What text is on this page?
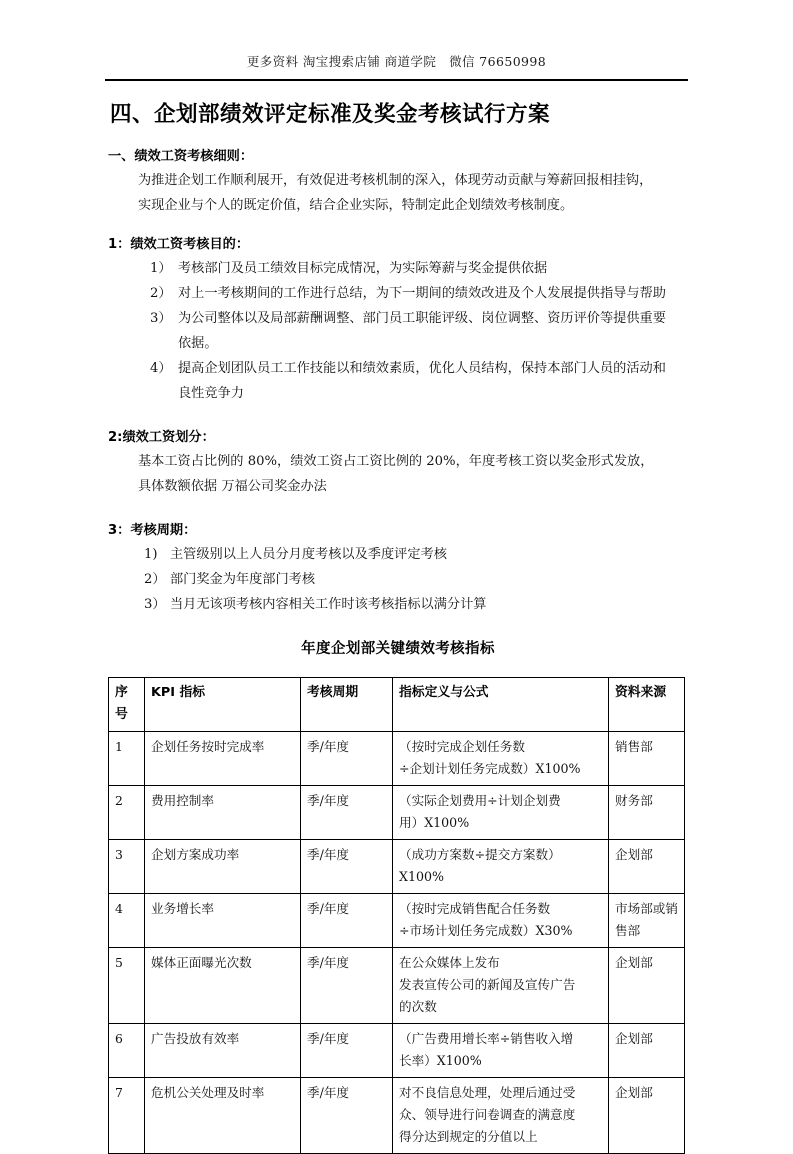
更多资料 淘宝搜索店铺 商道学院　微信 76650998
四、企划部绩效评定标准及奖金考核试行方案
一、绩效工资考核细则：
为推进企划工作顺利展开，有效促进考核机制的深入，体现劳动贡献与筹薪回报相挂钩，
实现企业与个人的既定价值，结合企业实际，特制定此企划绩效考核制度。
1：绩效工资考核目的：
1） 考核部门及员工绩效目标完成情况，为实际筹薪与奖金提供依据
2） 对上一考核期间的工作进行总结，为下一期间的绩效改进及个人发展提供指导与帮助
3） 为公司整体以及局部薪酬调整、部门员工职能评级、岗位调整、资历评价等提供重要
依据。
4） 提高企划团队员工工作技能以和绩效素质，优化人员结构，保持本部门人员的活动和
良性竞争力
2:绩效工资划分：
基本工资占比例的 80%，绩效工资占工资比例的 20%，年度考核工资以奖金形式发放，
具体数额依据 万福公司奖金办法
3：考核周期：
1) 主管级别以上人员分月度考核以及季度评定考核
2） 部门奖金为年度部门考核
3） 当月无该项考核内容相关工作时该考核指标以满分计算
年度企划部关键绩效考核指标
序
号	KPI 指标	考核周期	指标定义与公式	资料来源

1	企划任务按时完成率	季/年度	（按时完成企划任务数
÷企划计划任务完成数）X100%	销售部

2	费用控制率	季/年度	（实际企划费用÷计划企划费
用）X100%	财务部

3	企划方案成功率	季/年度	（成功方案数÷提交方案数）
X100%	企划部

4	业务增长率	季/年度	（按时完成销售配合任务数
÷市场计划任务完成数）X30%	市场部或销
售部

5	媒体正面曝光次数	季/年度	在公众媒体上发布
发表宣传公司的新闻及宣传广告
的次数	企划部

6	广告投放有效率	季/年度	（广告费用增长率÷销售收入增
长率）X100%	企划部

7	危机公关处理及时率	季/年度	对不良信息处理，处理后通过受
众、领导进行问卷调查的满意度
得分达到规定的分值以上	企划部
